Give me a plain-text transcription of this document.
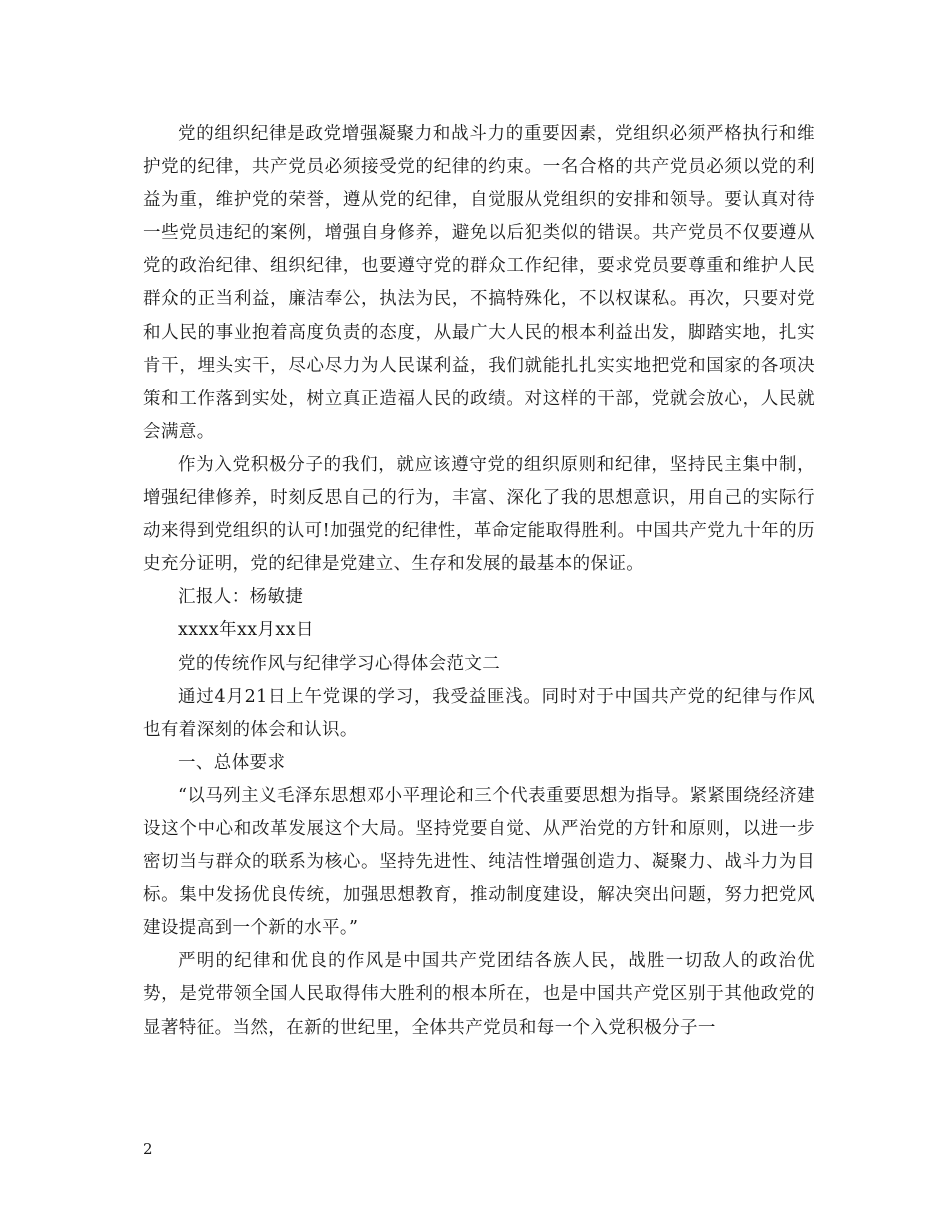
党的组织纪律是政党增强凝聚力和战斗力的重要因素，党组织必须严格执行和维护党的纪律，共产党员必须接受党的纪律的约束。一名合格的共产党员必须以党的利益为重，维护党的荣誉，遵从党的纪律，自觉服从党组织的安排和领导。要认真对待一些党员违纪的案例，增强自身修养，避免以后犯类似的错误。共产党员不仅要遵从党的政治纪律、组织纪律，也要遵守党的群众工作纪律，要求党员要尊重和维护人民群众的正当利益，廉洁奉公，执法为民，不搞特殊化，不以权谋私。再次，只要对党和人民的事业抱着高度负责的态度，从最广大人民的根本利益出发，脚踏实地，扎实肯干，埋头实干，尽心尽力为人民谋利益，我们就能扎扎实实地把党和国家的各项决策和工作落到实处，树立真正造福人民的政绩。对这样的干部，党就会放心，人民就会满意。

作为入党积极分子的我们，就应该遵守党的组织原则和纪律，坚持民主集中制，增强纪律修养，时刻反思自己的行为，丰富、深化了我的思想意识，用自己的实际行动来得到党组织的认可!加强党的纪律性，革命定能取得胜利。中国共产党九十年的历史充分证明，党的纪律是党建立、生存和发展的最基本的保证。

汇报人：杨敏捷

xxxx年xx月xx日

党的传统作风与纪律学习心得体会范文二

通过4月21日上午党课的学习，我受益匪浅。同时对于中国共产党的纪律与作风也有着深刻的体会和认识。

一、总体要求

“以马列主义毛泽东思想邓小平理论和三个代表重要思想为指导。紧紧围绕经济建设这个中心和改革发展这个大局。坚持党要自觉、从严治党的方针和原则，以进一步密切当与群众的联系为核心。坚持先进性、纯洁性增强创造力、凝聚力、战斗力为目标。集中发扬优良传统，加强思想教育，推动制度建设，解决突出问题，努力把党风建设提高到一个新的水平。”

严明的纪律和优良的作风是中国共产党团结各族人民，战胜一切敌人的政治优势，是党带领全国人民取得伟大胜利的根本所在，也是中国共产党区别于其他政党的显著特征。当然，在新的世纪里，全体共产党员和每一个入党积极分子一

2
